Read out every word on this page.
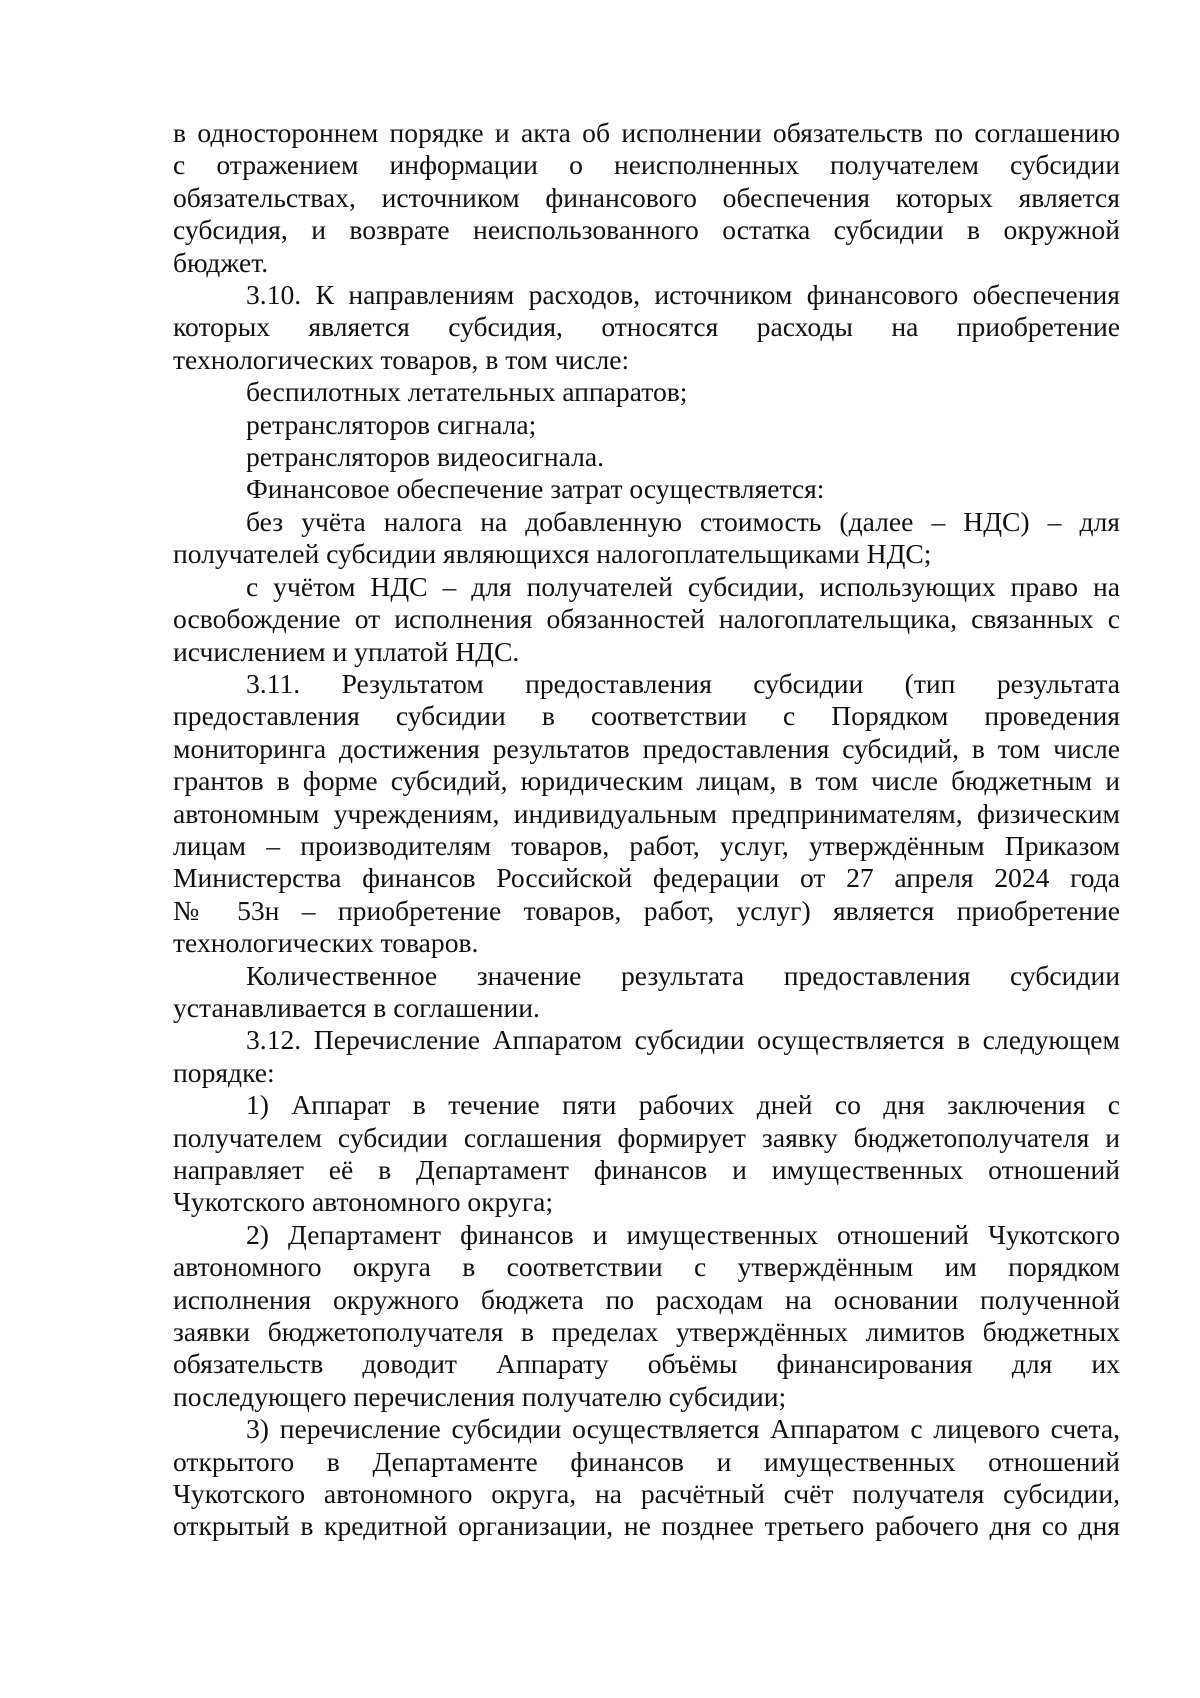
в одностороннем порядке и акта об исполнении обязательств по соглашению
с отражением информации о неисполненных получателем субсидии
обязательствах, источником финансового обеспечения которых является
субсидия, и возврате неиспользованного остатка субсидии в окружной
бюджет.
3.10. К направлениям расходов, источником финансового обеспечения
которых является субсидия, относятся расходы на приобретение
технологических товаров, в том числе:
беспилотных летательных аппаратов;
ретрансляторов сигнала;
ретрансляторов видеосигнала.
Финансовое обеспечение затрат осуществляется:
без учёта налога на добавленную стоимость (далее – НДС) – для
получателей субсидии являющихся налогоплательщиками НДС;
с учётом НДС – для получателей субсидии, использующих право на
освобождение от исполнения обязанностей налогоплательщика, связанных с
исчислением и уплатой НДС.
3.11. Результатом предоставления субсидии (тип результата
предоставления субсидии в соответствии с Порядком проведения
мониторинга достижения результатов предоставления субсидий, в том числе
грантов в форме субсидий, юридическим лицам, в том числе бюджетным и
автономным учреждениям, индивидуальным предпринимателям, физическим
лицам – производителям товаров, работ, услуг, утверждённым Приказом
Министерства финансов Российской федерации от 27 апреля 2024 года
№ 53н – приобретение товаров, работ, услуг) является приобретение
технологических товаров.
Количественное значение результата предоставления субсидии
устанавливается в соглашении.
3.12. Перечисление Аппаратом субсидии осуществляется в следующем
порядке:
1) Аппарат в течение пяти рабочих дней со дня заключения с
получателем субсидии соглашения формирует заявку бюджетополучателя и
направляет её в Департамент финансов и имущественных отношений
Чукотского автономного округа;
2) Департамент финансов и имущественных отношений Чукотского
автономного округа в соответствии с утверждённым им порядком
исполнения окружного бюджета по расходам на основании полученной
заявки бюджетополучателя в пределах утверждённых лимитов бюджетных
обязательств доводит Аппарату объёмы финансирования для их
последующего перечисления получателю субсидии;
3) перечисление субсидии осуществляется Аппаратом с лицевого счета,
открытого в Департаменте финансов и имущественных отношений
Чукотского автономного округа, на расчётный счёт получателя субсидии,
открытый в кредитной организации, не позднее третьего рабочего дня со дня
